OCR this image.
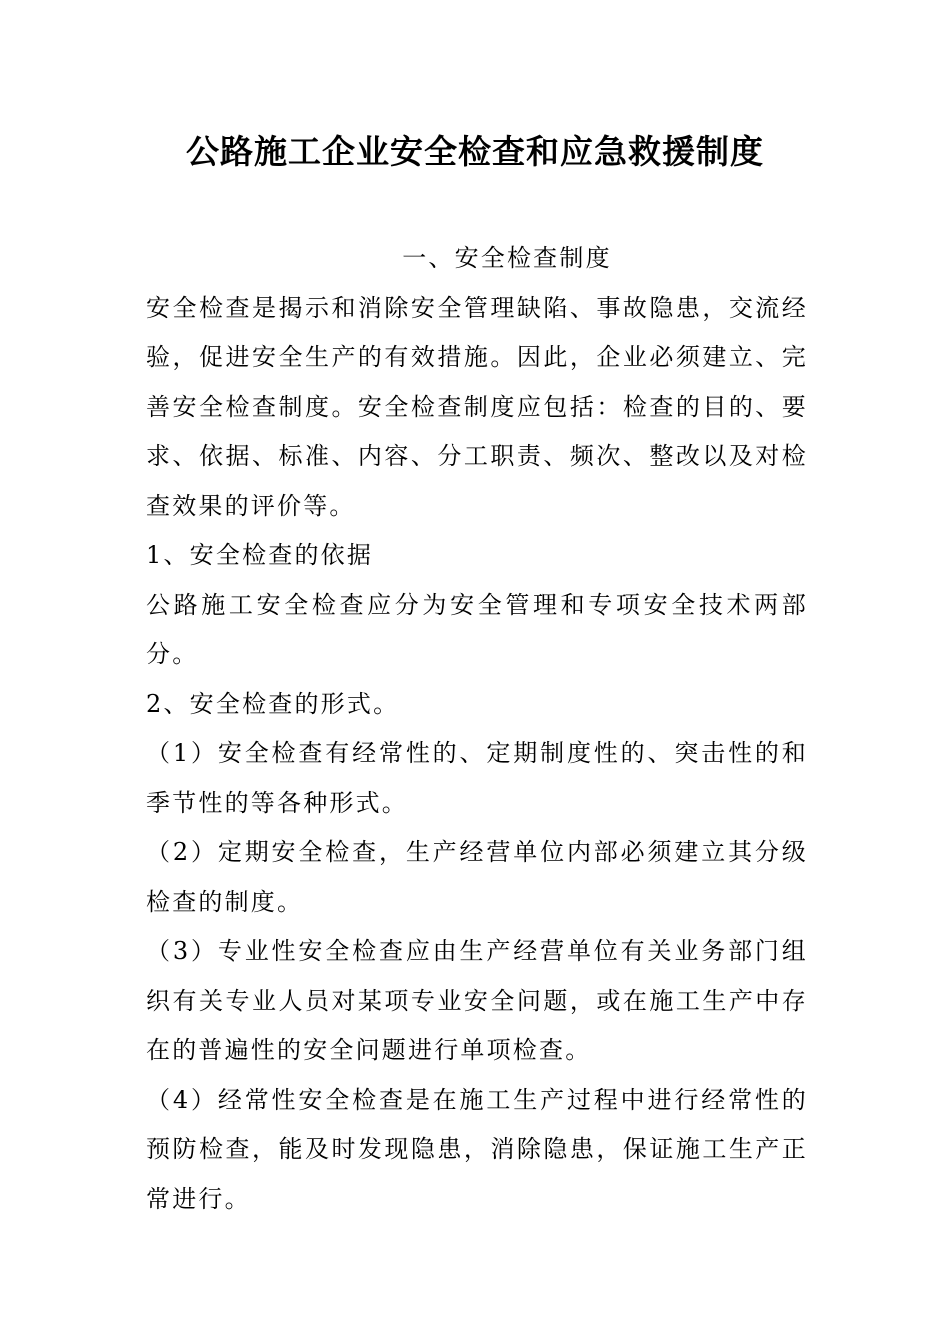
公路施工企业安全检查和应急救援制度

一、安全检查制度

安全检查是揭示和消除安全管理缺陷、事故隐患，交流经验，促进安全生产的有效措施。因此，企业必须建立、完善安全检查制度。安全检查制度应包括：检查的目的、要求、依据、标准、内容、分工职责、频次、整改以及对检查效果的评价等。

1、安全检查的依据

公路施工安全检查应分为安全管理和专项安全技术两部分。

2、安全检查的形式。

（1）安全检查有经常性的、定期制度性的、突击性的和季节性的等各种形式。

（2）定期安全检查，生产经营单位内部必须建立其分级检查的制度。

（3）专业性安全检查应由生产经营单位有关业务部门组织有关专业人员对某项专业安全问题，或在施工生产中存在的普遍性的安全问题进行单项检查。

（4）经常性安全检查是在施工生产过程中进行经常性的预防检查，能及时发现隐患，消除隐患，保证施工生产正常进行。
